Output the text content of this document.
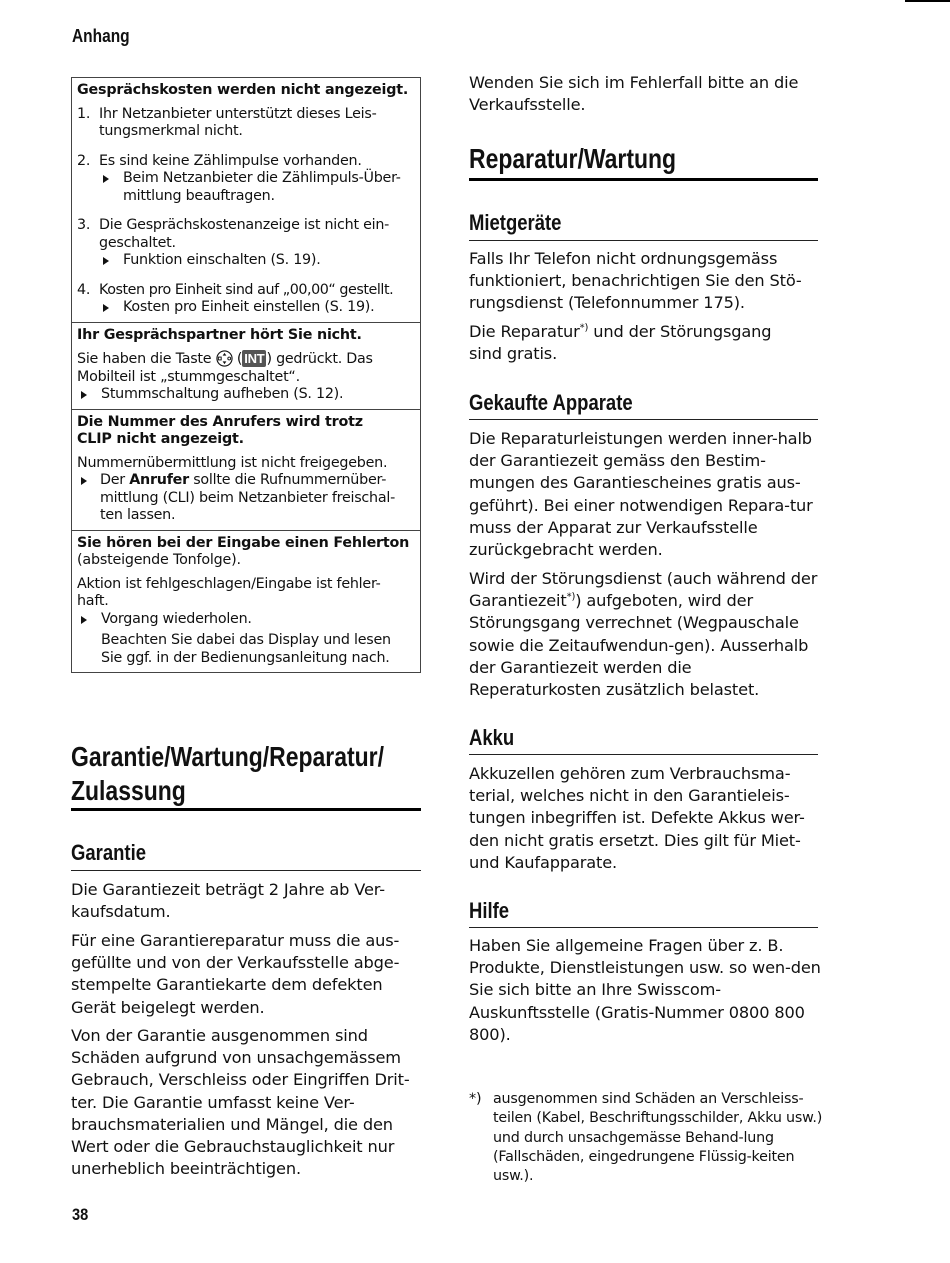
Anhang

Gesprächskosten werden nicht angezeigt.

1. Ihr Netzanbieter unterstützt dieses Leis-tungsmerkmal nicht.
2. Es sind keine Zählimpulse vorhanden.
Beim Netzanbieter die Zählimpuls-Über-mittlung beauftragen.
3. Die Gesprächskostenanzeige ist nicht ein-geschaltet.
Funktion einschalten (S. 19).
4. Kosten pro Einheit sind auf „00,00“ gestellt.
Kosten pro Einheit einstellen (S. 19).

Ihr Gesprächspartner hört Sie nicht.

Sie haben die Taste  ( INT ) gedrückt. Das Mobilteil ist „stummgeschaltet“.

Stummschaltung aufheben (S. 12).

Die Nummer des Anrufers wird trotz CLIP nicht angezeigt.

Nummernübermittlung ist nicht freigegeben.

Der Anrufer sollte die Rufnummernüber-mittlung (CLI) beim Netzanbieter freischal-ten lassen.

Sie hören bei der Eingabe einen Fehlerton
(absteigende Tonfolge).

Aktion ist fehlgeschlagen/Eingabe ist fehler-haft.

Vorgang wiederholen.

Beachten Sie dabei das Display und lesen Sie ggf. in der Bedienungsanleitung nach.

Garantie/Wartung/Reparatur/
Zulassung
Garantie

Die Garantiezeit beträgt 2 Jahre ab Ver-kaufsdatum.

Für eine Garantiereparatur muss die aus-gefüllte und von der Verkaufsstelle abge-stempelte Garantiekarte dem defekten Gerät beigelegt werden.

Von der Garantie ausgenommen sind Schäden aufgrund von unsachgemässem Gebrauch, Verschleiss oder Eingriffen Drit-ter. Die Garantie umfasst keine Ver-brauchsmaterialien und Mängel, die den Wert oder die Gebrauchstauglichkeit nur unerheblich beeinträchtigen.

38

Wenden Sie sich im Fehlerfall bitte an die Verkaufsstelle.

Reparatur/Wartung
Mietgeräte

Falls Ihr Telefon nicht ordnungsgemäss funktioniert, benachrichtigen Sie den Stö-rungsdienst (Telefonnummer 175).

Die Reparatur*) und der Störungsgang sind gratis.

Gekaufte Apparate

Die Reparaturleistungen werden inner-halb der Garantiezeit gemäss den Bestim-mungen des Garantiescheines gratis aus-geführt). Bei einer notwendigen Repara-tur muss der Apparat zur Verkaufsstelle zurückgebracht werden.

Wird der Störungsdienst (auch während der Garantiezeit*)) aufgeboten, wird der Störungsgang verrechnet (Wegpauschale sowie die Zeitaufwendun-gen). Ausserhalb der Garantiezeit werden die Reperaturkosten zusätzlich belastet.

Akku

Akkuzellen gehören zum Verbrauchsma-terial, welches nicht in den Garantieleis-tungen inbegriffen ist. Defekte Akkus wer-den nicht gratis ersetzt. Dies gilt für Miet- und Kaufapparate.

Hilfe

Haben Sie allgemeine Fragen über z. B. Produkte, Dienstleistungen usw. so wen-den Sie sich bitte an Ihre Swisscom-Auskunftsstelle (Gratis-Nummer 0800 800 800).

*) ausgenommen sind Schäden an Verschleiss-teilen (Kabel, Beschriftungsschilder, Akku usw.) und durch unsachgemässe Behand-lung (Fallschäden, eingedrungene Flüssig-keiten usw.).
